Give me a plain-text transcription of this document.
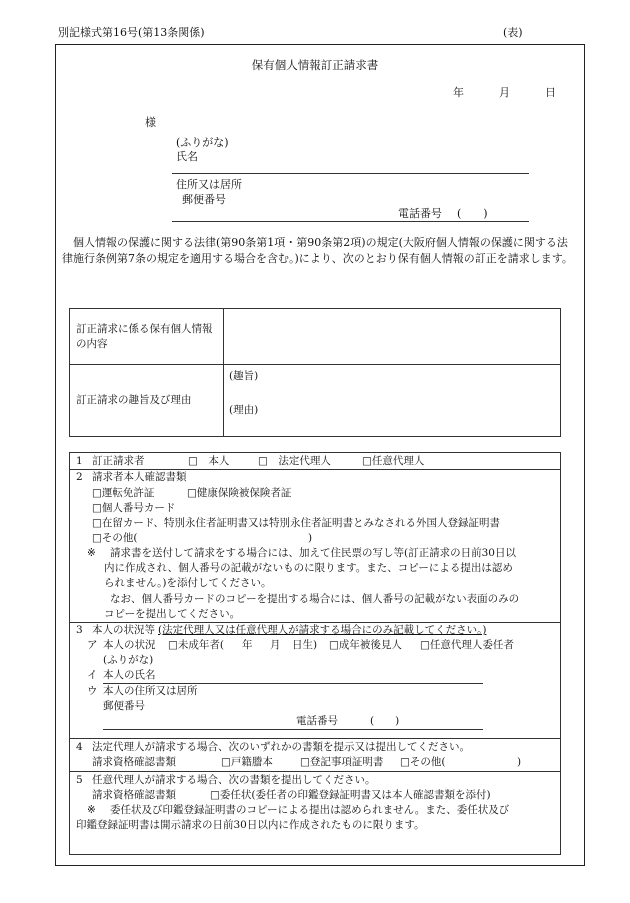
別記様式第16号(第13条関係)	(表)
保有個人情報訂正請求書
年	月	日
様
(ふりがな)
氏名
住所又は居所
郵便番号
電話番号 (　　)
個人情報の保護に関する法律(第90条第1項・第90条第2項)の規定(大阪府個人情報の保護に関する法律施行条例第7条の規定を適用する場合を含む。)により、次のとおり保有個人情報の訂正を請求します。
訂正請求に係る保有個人情報の内容	
訂正請求の趣旨及び理由	(趣旨)
(理由)
1 訂正請求者	□　本人	□　法定代理人	□任意代理人
2 請求者本人確認書類
□運転免許証	□健康保険被保険者証
□個人番号カード
□在留カード、特別永住者証明書又は特別永住者証明書とみなされる外国人登録証明書
□その他(	)
※ 請求書を送付して請求をする場合には、加えて住民票の写し等(訂正請求の日前30日以
内に作成され、個人番号の記載がないものに限ります。また、コピーによる提出は認め
られません。)を添付してください。
なお、個人番号カードのコピーを提出する場合には、個人番号の記載がない表面のみの
コピーを提出してください。
3 本人の状況等 (法定代理人又は任意代理人が請求する場合にのみ記載してください。)
ア 本人の状況 □未成年者( 年 月 日生) □成年被後見人 □任意代理人委任者
(ふりがな)
イ 本人の氏名
ウ 本人の住所又は居所
郵便番号
電話番号	(　　)
4 法定代理人が請求する場合、次のいずれかの書類を提示又は提出してください。
請求資格確認書類	□戸籍謄本	□登記事項証明書 □その他(	)
5 任意代理人が請求する場合、次の書類を提出してください。
請求資格確認書類	□委任状(委任者の印鑑登録証明書又は本人確認書類を添付)
※ 委任状及び印鑑登録証明書のコピーによる提出は認められません。また、委任状及び
印鑑登録証明書は開示請求の日前30日以内に作成されたものに限ります。
